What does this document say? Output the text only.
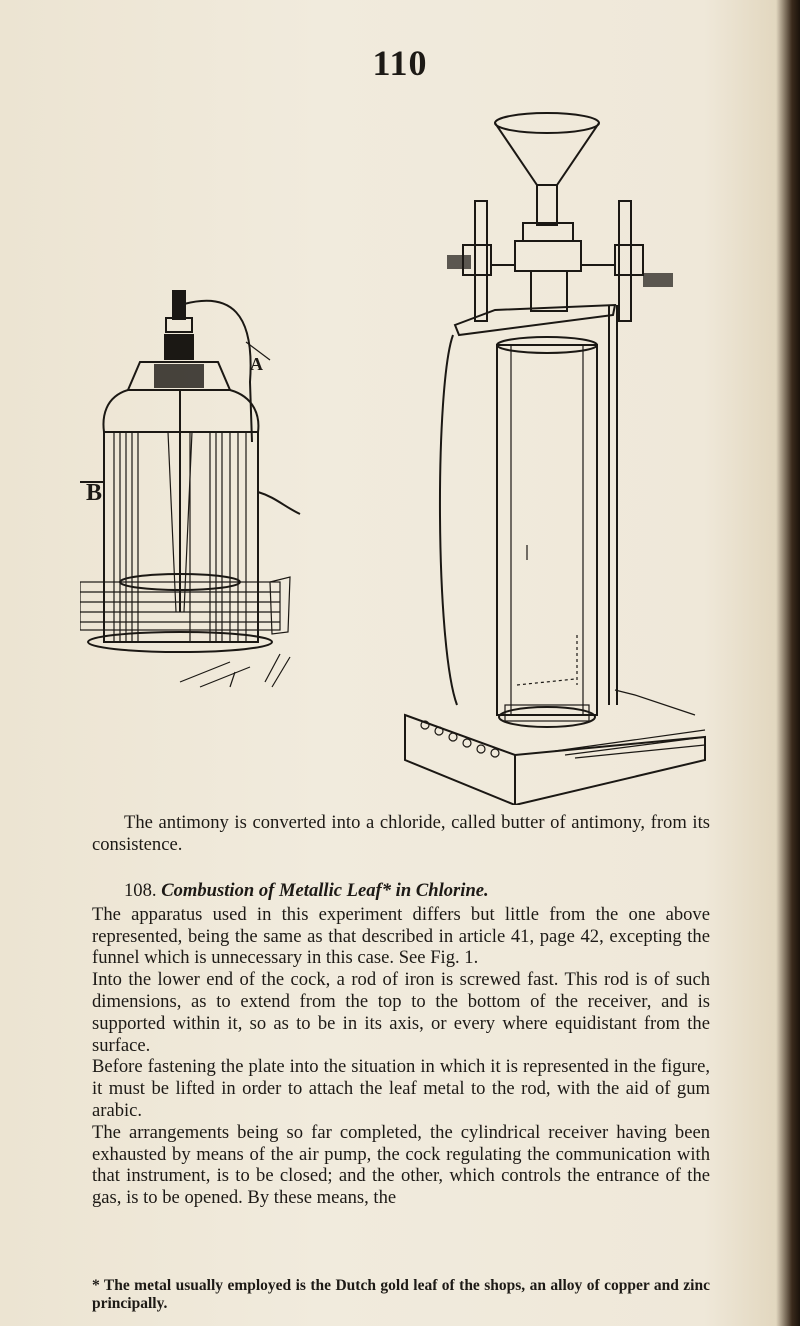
110
A
B

The antimony is converted into a chloride, called butter of antimony, from its consistence.

108. Combustion of Metallic Leaf* in Chlorine.

The apparatus used in this experiment differs but little from the one above represented, being the same as that described in article 41, page 42, excepting the funnel which is unnecessary in this case. See Fig. 1.

Into the lower end of the cock, a rod of iron is screwed fast. This rod is of such dimensions, as to extend from the top to the bottom of the receiver, and is supported within it, so as to be in its axis, or every where equidistant from the surface.

Before fastening the plate into the situation in which it is represented in the figure, it must be lifted in order to attach the leaf metal to the rod, with the aid of gum arabic.

The arrangements being so far completed, the cylindrical receiver having been exhausted by means of the air pump, the cock regulating the communication with that instrument, is to be closed; and the other, which controls the entrance of the gas, is to be opened. By these means, the

* The metal usually employed is the Dutch gold leaf of the shops, an alloy of copper and zinc principally.
